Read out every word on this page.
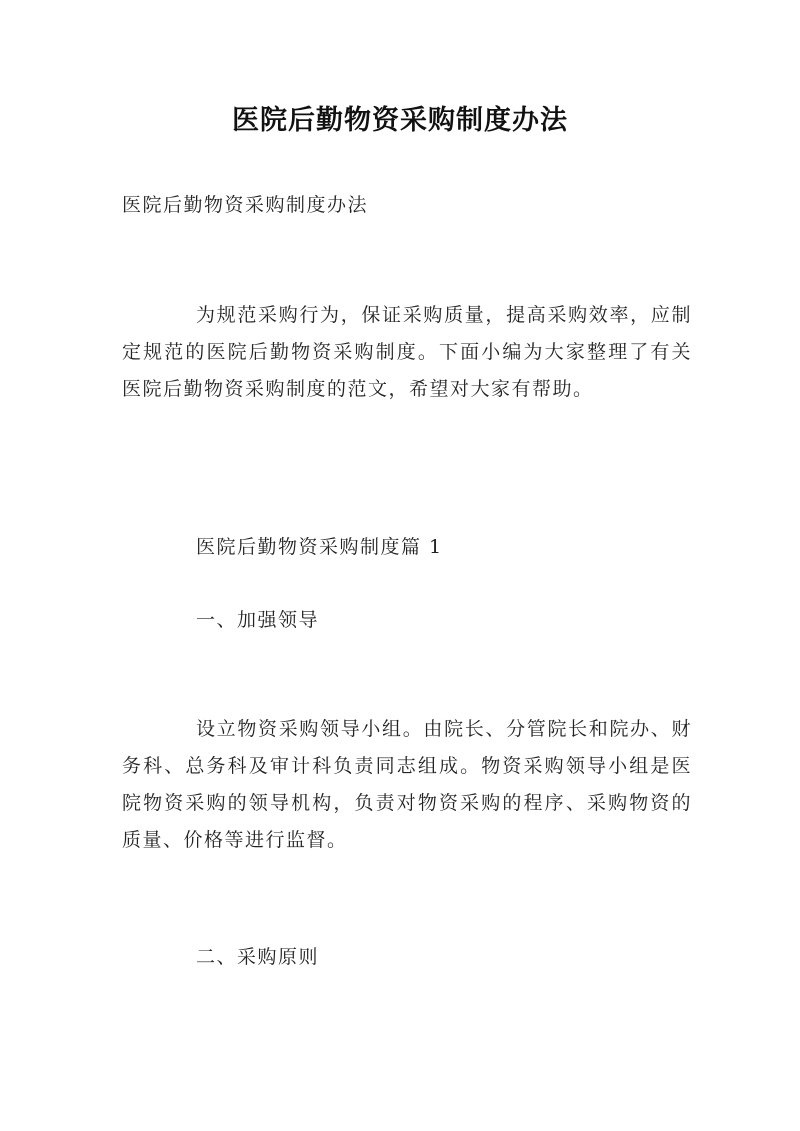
医院后勤物资采购制度办法
医院后勤物资采购制度办法
为规范采购行为，保证采购质量，提高采购效率，应制定规范的医院后勤物资采购制度。下面小编为大家整理了有关医院后勤物资采购制度的范文，希望对大家有帮助。
医院后勤物资采购制度篇 1
一、加强领导
设立物资采购领导小组。由院长、分管院长和院办、财务科、总务科及审计科负责同志组成。物资采购领导小组是医院物资采购的领导机构，负责对物资采购的程序、采购物资的质量、价格等进行监督。
二、采购原则
